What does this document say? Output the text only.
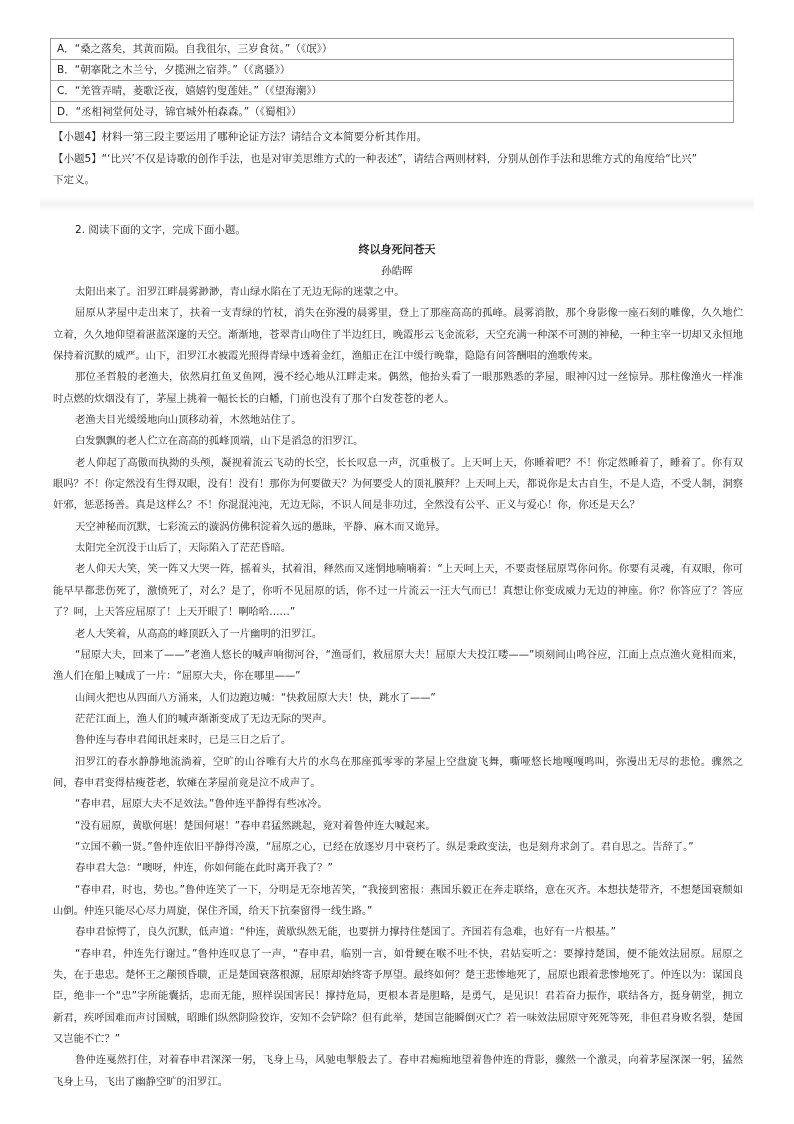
A．“桑之落矣，其黄而陨。自我徂尔，三岁食贫。”（《氓》）
B．“朝搴阰之木兰兮，夕揽洲之宿莽。”（《离骚》）
C．“羌管弄晴，菱歌泛夜，嬉嬉钓叟莲娃。”（《望海潮》）
D．“丞相祠堂何处寻，锦官城外柏森森。”（《蜀相》）
【小题4】材料一第三段主要运用了哪种论证方法？请结合文本简要分析其作用。
【小题5】“‘比兴’不仅是诗歌的创作手法，也是对审美思维方式的一种表述”，请结合两则材料，分别从创作手法和思维方式的角度给“比兴”
下定义。
2. 阅读下面的文字，完成下面小题。
终以身死问苍天
孙皓晖

太阳出来了。汨罗江畔晨雾渺渺，青山绿水陷在了无边无际的迷蒙之中。

屈原从茅屋中走出来了，扶着一支青绿的竹杖，消失在弥漫的晨雾里，登上了那座高高的孤峰。晨雾消散，那个身影像一座石刻的雕像，久久地伫立着，久久地仰望着湛蓝深邃的天空。渐渐地，苍翠青山吻住了半边红日，晚霞彤云飞金流彩，天空充满一种深不可测的神秘，一种主宰一切却又永恒地保持着沉默的威严。山下，汨罗江水被霞光照得青绿中透着金红，渔船正在江中缓行晚靠，隐隐有问答酬唱的渔歌传来。

那位圣哲般的老渔夫，依然肩扛鱼叉鱼网，漫不经心地从江畔走来。偶然，他抬头看了一眼那熟悉的茅屋，眼神闪过一丝惊异。那柱像渔火一样准时点燃的炊烟没有了，茅屋上挑着一幅长长的白幡，门前也没有了那个白发苍苍的老人。

老渔夫目光缓缓地向山顶移动着，木然地站住了。

白发飘飘的老人伫立在高高的孤峰顶端，山下是滔急的汨罗江。

老人仰起了高傲而执拗的头颅，凝视着流云飞动的长空，长长叹息一声，沉重极了。上天呵上天，你睡着吧？不！你定然睡着了，睡着了。你有双眼吗？不！你定然没有生得双眼，没有！没有！那你为何要做天？为何要受人的顶礼膜拜？上天呵上天，都说你是太古自生，不是人造，不受人制，洞察奸邪，惩恶扬善。真是这样么？不！你混混沌沌，无边无际，不识人间是非功过，全然没有公平、正义与爱心！你，你还是天么？

天空神秘而沉默，七彩流云的漩涡仿佛积淀着久远的愚昧，平静、麻木而又诡异。

太阳完全沉没于山后了，天际陷入了茫茫昏暗。

老人仰天大笑，笑一阵又大哭一阵，摇着头，拭着泪，释然而又迷惘地喃喃着：“上天呵上天，不要责怪屈原骂你问你。你要有灵魂，有双眼，你可能早早都悲伤死了，激愤死了，对么？是了，你听不见屈原的话，你不过一片流云一汪大气而已！真想让你变成威力无边的神座。你？你答应了？答应了？呵，上天答应屈原了！上天开眼了！啊哈哈……”

老人大笑着，从高高的峰顶跃入了一片幽明的汨罗江。

“屈原大夫，回来了——”老渔人悠长的喊声响彻河谷，“渔哥们，救屈原大夫！屈原大夫投江喽——”顷刻间山鸣谷应，江面上点点渔火竟相而来，渔人们在船上喊成了一片：“屈原大夫，你在哪里——”

山间火把也从四面八方涌来，人们边跑边喊：“快救屈原大夫！快，跳水了——”

茫茫江面上，渔人们的喊声渐渐变成了无边无际的哭声。

鲁仲连与春申君闻讯赶来时，已是三日之后了。

汨罗江的春水静静地流淌着，空旷的山谷唯有大片的水鸟在那座孤零零的茅屋上空盘旋飞舞，嘶哑悠长地嘎嘎鸣叫，弥漫出无尽的悲怆。骤然之间，春申君变得枯瘦苍老，软瘫在茅屋前竟是泣不成声了。

“春申君，屈原大夫不足效法。”鲁仲连平静得有些冰冷。

“没有屈原，黄歇何堪！楚国何堪！”春申君猛然跳起，竟对着鲁仲连大喊起来。

“立国不赖一贤。”鲁仲连依旧平静得冷漠，“屈原之心，已经在放逐岁月中衰朽了。纵是秉政变法，也是刻舟求剑了。君自思之。告辞了。”

春申君大急：“噢呀，仲连，你如何能在此时离开我了？”

“春申君，时也，势也。”鲁仲连笑了一下，分明是无奈地苦笑，“我接到密报：燕国乐毅正在奔走联络，意在灭齐。本想扶楚带齐，不想楚国衰颓如山倒。仲连只能尽心尽力周旋，保住齐国，给天下抗秦留得一线生路。”

春申君惊愕了，良久沉默，低声道：“仲连，黄歇纵然无能，也要拼力撑持住楚国了。齐国若有急难，也好有一片根基。”

“春申君，仲连先行谢过。”鲁仲连叹息了一声，“春申君，临别一言，如骨鲠在喉不吐不快，君姑妄听之：要撑持楚国，便不能效法屈原。屈原之失，在于患忠。楚怀王之颟顸昏聩，正是楚国衰落根源，屈原却始终寄予厚望。最终如何？楚王悲惨地死了，屈原也跟着悲惨地死了。仲连以为：谋国良臣，绝非一个“忠”字所能囊括，忠而无能，照样误国害民！撑持危局，更根本者是胆略，是勇气，是见识！君若奋力振作，联结各方，挺身朝堂，拥立新君，疾呼国难而声讨国贼，昭雎们纵然阴险狡诈，安知不会铲除？但有此举，楚国岂能瞬倒灭亡？若一味效法屈原守死死等死，非但君身败名裂，楚国又岂能不亡？”

鲁仲连戛然打住，对着春申君深深一躬，飞身上马，风驰电掣般去了。春申君痴痴地望着鲁仲连的背影，骤然一个激灵，向着茅屋深深一躬，猛然飞身上马，飞出了幽静空旷的汨罗江。
